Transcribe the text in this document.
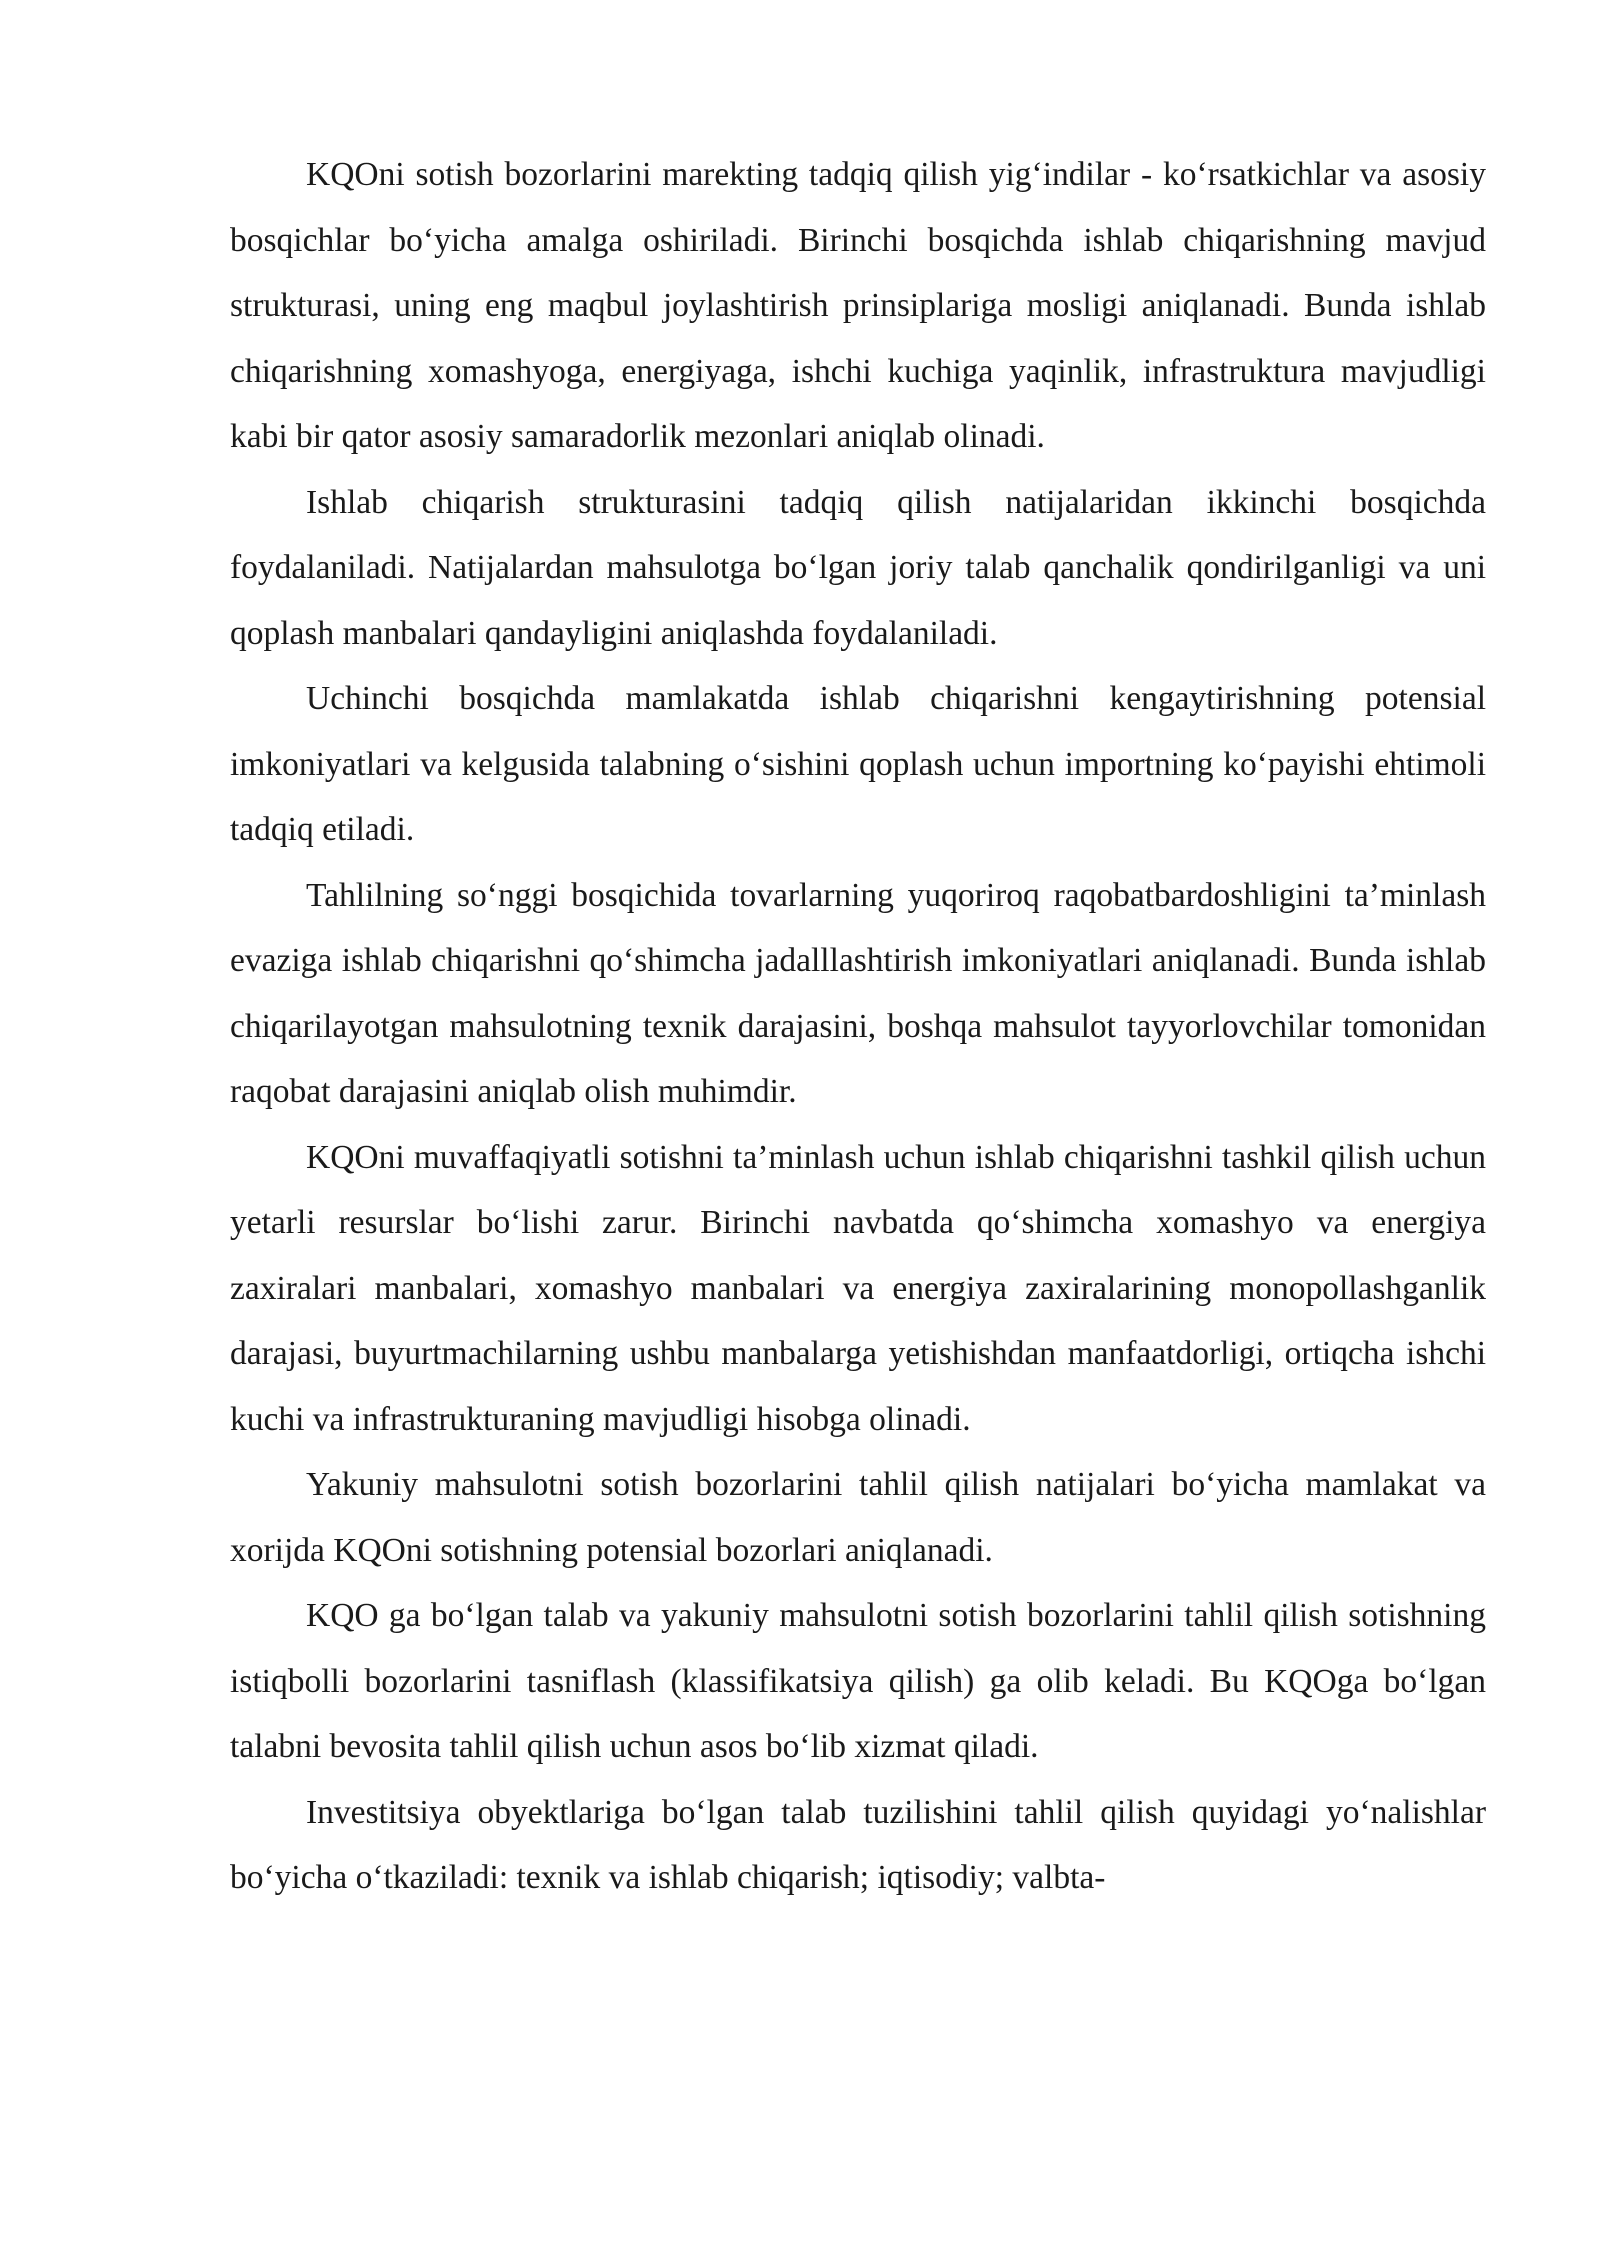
KQOni sotish bozorlarini marekting tadqiq qilish yig‘indilar - ko‘rsatkichlar va asosiy bosqichlar bo‘yicha amalga oshiriladi. Birinchi bosqichda ishlab chiqarishning mavjud strukturasi, uning eng maqbul joylashtirish prinsiplariga mosligi aniqlanadi. Bunda ishlab chiqarishning xomashyoga, energiyaga, ishchi kuchiga yaqinlik, infrastruktura mavjudligi kabi bir qator asosiy samaradorlik mezonlari aniqlab olinadi.

Ishlab chiqarish strukturasini tadqiq qilish natijalaridan ikkinchi bosqichda foydalaniladi. Natijalardan mahsulotga bo‘lgan joriy talab qanchalik qondirilganligi va uni qoplash manbalari qandayligini aniqlashda foydalaniladi.

Uchinchi bosqichda mamlakatda ishlab chiqarishni kengaytirishning potensial imkoniyatlari va kelgusida talabning o‘sishini qoplash uchun importning ko‘payishi ehtimoli tadqiq etiladi.

Tahlilning so‘nggi bosqichida tovarlarning yuqoriroq raqobatbardoshligini ta’minlash evaziga ishlab chiqarishni qo‘shimcha jadalllashtirish imkoniyatlari aniqlanadi. Bunda ishlab chiqarilayotgan mahsulotning texnik darajasini, boshqa mahsulot tayyorlovchilar tomonidan raqobat darajasini aniqlab olish muhimdir.

KQOni muvaffaqiyatli sotishni ta’minlash uchun ishlab chiqarishni tashkil qilish uchun yetarli resurslar bo‘lishi zarur. Birinchi navbatda qo‘shimcha xomashyo va energiya zaxiralari manbalari, xomashyo manbalari va energiya zaxiralarining monopollashganlik darajasi, buyurtmachilarning ushbu manbalarga yetishishdan manfaatdorligi, ortiqcha ishchi kuchi va infrastrukturaning mavjudligi hisobga olinadi.

Yakuniy mahsulotni sotish bozorlarini tahlil qilish natijalari bo‘yicha mamlakat va xorijda KQOni sotishning potensial bozorlari aniqlanadi.

KQO ga bo‘lgan talab va yakuniy mahsulotni sotish bozorlarini tahlil qilish sotishning istiqbolli bozorlarini tasniflash (klassifikatsiya qilish) ga olib keladi. Bu KQOga bo‘lgan talabni bevosita tahlil qilish uchun asos bo‘lib xizmat qiladi.

Investitsiya obyektlariga bo‘lgan talab tuzilishini tahlil qilish quyidagi yo‘nalishlar bo‘yicha o‘tkaziladi: texnik va ishlab chiqarish; iqtisodiy; valbta-
